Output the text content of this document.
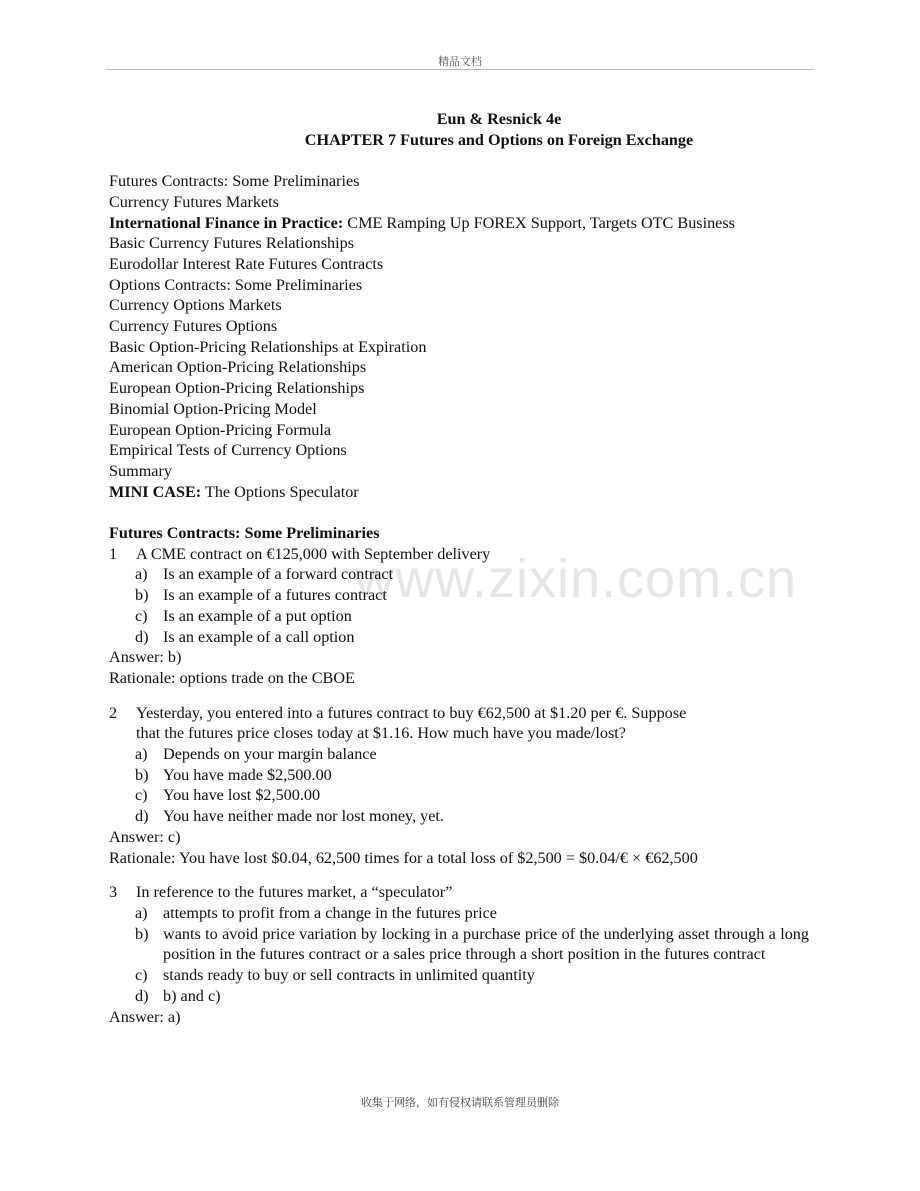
精品文档
www.zixin.com.cn
Eun & Resnick 4e
CHAPTER 7 Futures and Options on Foreign Exchange
Futures Contracts: Some Preliminaries
Currency Futures Markets
International Finance in Practice: CME Ramping Up FOREX Support, Targets OTC Business
Basic Currency Futures Relationships
Eurodollar Interest Rate Futures Contracts
Options Contracts: Some Preliminaries
Currency Options Markets
Currency Futures Options
Basic Option-Pricing Relationships at Expiration
American Option-Pricing Relationships
European Option-Pricing Relationships
Binomial Option-Pricing Model
European Option-Pricing Formula
Empirical Tests of Currency Options
Summary
MINI CASE: The Options Speculator
Futures Contracts: Some Preliminaries
1	A CME contract on €125,000 with September delivery
a) Is an example of a forward contract
b) Is an example of a futures contract
c) Is an example of a put option
d) Is an example of a call option
Answer: b)
Rationale: options trade on the CBOE
2	Yesterday, you entered into a futures contract to buy €62,500 at $1.20 per €. Suppose
that the futures price closes today at $1.16. How much have you made/lost?
a) Depends on your margin balance
b) You have made $2,500.00
c) You have lost $2,500.00
d) You have neither made nor lost money, yet.
Answer: c)
Rationale: You have lost $0.04, 62,500 times for a total loss of $2,500 = $0.04/€ × €62,500
3	In reference to the futures market, a “speculator”
a) attempts to profit from a change in the futures price
b) wants to avoid price variation by locking in a purchase price of the underlying asset through a long position in the futures contract or a sales price through a short position in the futures contract
c) stands ready to buy or sell contracts in unlimited quantity
d) b) and c)
Answer: a)
收集于网络，如有侵权请联系管理员删除
